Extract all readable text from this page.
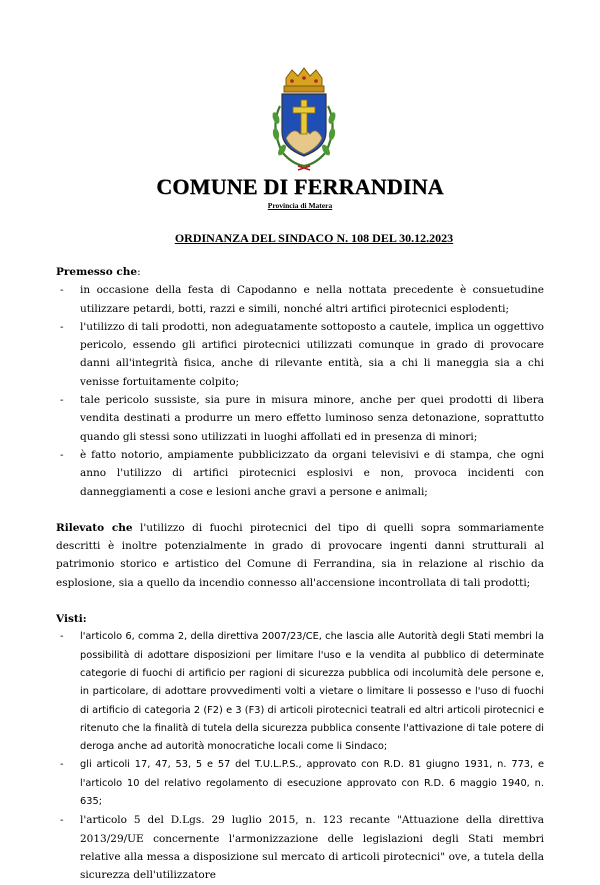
COMUNE DI FERRANDINA
Provincia di Matera
ORDINANZA DEL SINDACO N. 108 DEL 30.12.2023

Premesso che:

- in occasione della festa di Capodanno e nella nottata precedente è consuetudine utilizzare petardi, botti, razzi e simili, nonché altri artifici pirotecnici esplodenti;
- l'utilizzo di tali prodotti, non adeguatamente sottoposto a cautele, implica un oggettivo pericolo, essendo gli artifici pirotecnici utilizzati comunque in grado di provocare danni all'integrità fisica, anche di rilevante entità, sia a chi li maneggia sia a chi venisse fortuitamente colpito;
- tale pericolo sussiste, sia pure in misura minore, anche per quei prodotti di libera vendita destinati a produrre un mero effetto luminoso senza detonazione, soprattutto quando gli stessi sono utilizzati in luoghi affollati ed in presenza di minori;
- è fatto notorio, ampiamente pubblicizzato da organi televisivi e di stampa, che ogni anno l'utilizzo di artifici pirotecnici esplosivi e non, provoca incidenti con danneggiamenti a cose e lesioni anche gravi a persone e animali;

Rilevato che l'utilizzo di fuochi pirotecnici del tipo di quelli sopra sommariamente descritti è inoltre potenzialmente in grado di provocare ingenti danni strutturali al patrimonio storico e artistico del Comune di Ferrandina, sia in relazione al rischio da esplosione, sia a quello da incendio connesso all'accensione incontrollata di tali prodotti;

Visti:

- l'articolo 6, comma 2, della direttiva 2007/23/CE, che lascia alle Autorità degli Stati membri la possibilità di adottare disposizioni per limitare l'uso e la vendita al pubblico di determinate categorie di fuochi di artificio per ragioni di sicurezza pubblica odi incolumità dele persone e, in particolare, di adottare provvedimenti volti a vietare o limitare li possesso e l'uso di fuochi di artificio di categoria 2 (F2) e 3 (F3) di articoli pirotecnici teatrali ed altri articoli pirotecnici e ritenuto che la finalità di tutela della sicurezza pubblica consente l'attivazione di tale potere di deroga anche ad autorità monocratiche locali come li Sindaco;
- gli articoli 17, 47, 53, 5 e 57 del T.U.L.P.S., approvato con R.D. 81 giugno 1931, n. 773, e l'articolo 10 del relativo regolamento di esecuzione approvato con R.D. 6 maggio 1940, n. 635;
- l'articolo 5 del D.Lgs. 29 luglio 2015, n. 123 recante "Attuazione della direttiva 2013/29/UE concernente l'armonizzazione delle legislazioni degli Stati membri relative alla messa a disposizione sul mercato di articoli pirotecnici" ove, a tutela della sicurezza dell'utilizzatore
